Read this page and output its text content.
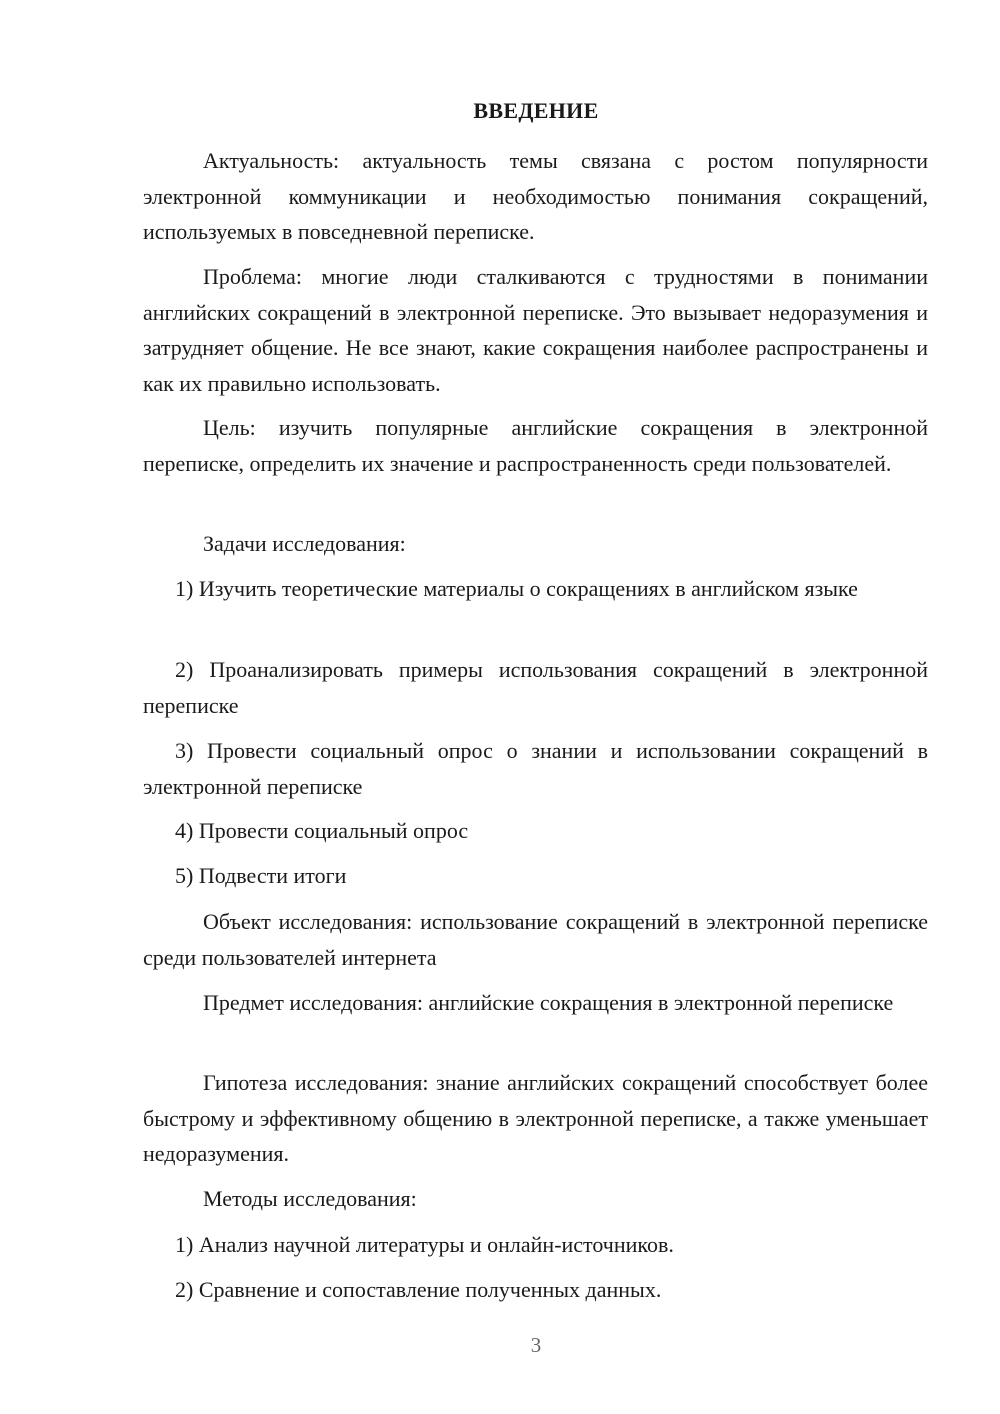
ВВЕДЕНИЕ

Актуальность: актуальность темы связана с ростом популярности электронной коммуникации и необходимостью понимания сокращений, используемых в повседневной переписке.

Проблема: многие люди сталкиваются с трудностями в понимании английских сокращений в электронной переписке. Это вызывает недоразумения и затрудняет общение. Не все знают, какие сокращения наиболее распространены и как их правильно использовать.

Цель: изучить популярные английские сокращения в электронной переписке, определить их значение и распространенность среди пользователей.

Задачи исследования:

1) Изучить теоретические материалы о сокращениях в английском языке

2) Проанализировать примеры использования сокращений в электронной переписке

3) Провести социальный опрос о знании и использовании сокращений в электронной переписке

4) Провести социальный опрос

5) Подвести итоги

Объект исследования: использование сокращений в электронной переписке среди пользователей интернета

Предмет исследования: английские сокращения в электронной переписке

Гипотеза исследования: знание английских сокращений способствует более быстрому и эффективному общению в электронной переписке, а также уменьшает недоразумения.

Методы исследования:

1) Анализ научной литературы и онлайн-источников.

2) Сравнение и сопоставление полученных данных.

3
